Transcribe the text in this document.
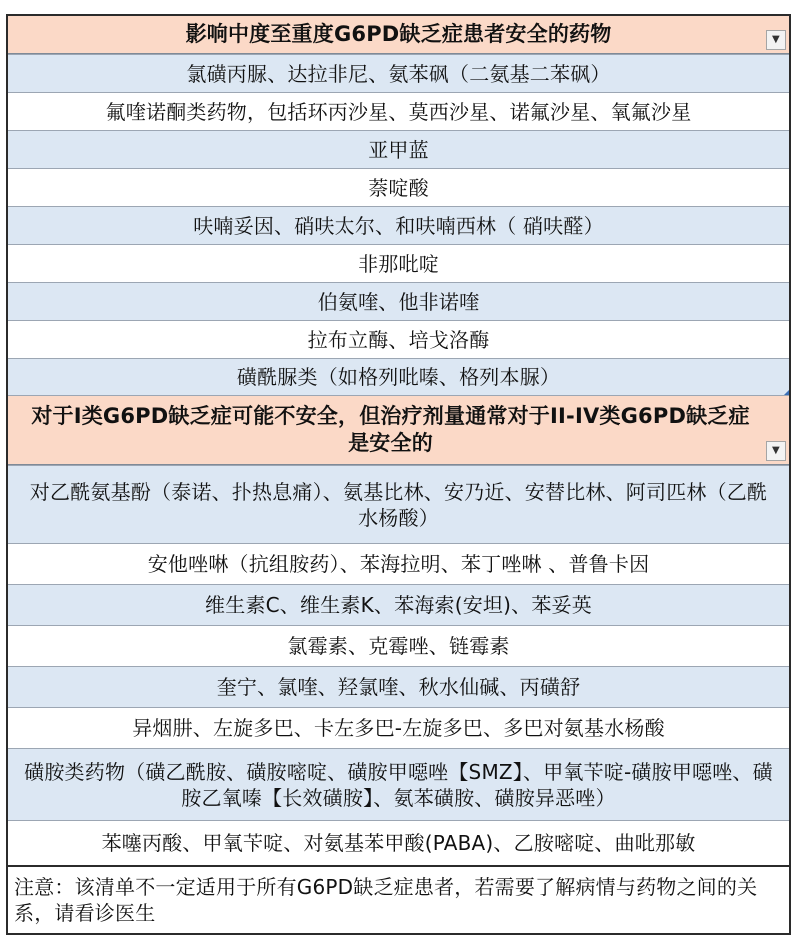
影响中度至重度G6PD缺乏症患者安全的药物	▼
氯磺丙脲、达拉非尼、氨苯砜（二氨基二苯砜）
氟喹诺酮类药物，包括环丙沙星、莫西沙星、诺氟沙星、氧氟沙星
亚甲蓝
萘啶酸
呋喃妥因、硝呋太尔、和呋喃西林（ 硝呋醛）
非那吡啶
伯氨喹、他非诺喹
拉布立酶、培戈洛酶
磺酰脲类（如格列吡嗪、格列本脲）
对于I类G6PD缺乏症可能不安全，但治疗剂量通常对于II-IV类G6PD缺乏症是安全的	▼
对乙酰氨基酚（泰诺、扑热息痛）、氨基比林、安乃近、安替比林、阿司匹林（乙酰水杨酸）
安他唑啉（抗组胺药）、苯海拉明、苯丁唑啉 、普鲁卡因
维生素C、维生素K、苯海索(安坦)、苯妥英
氯霉素、克霉唑、链霉素
奎宁、氯喹、羟氯喹、秋水仙碱、丙磺舒
异烟肼、左旋多巴、卡左多巴-左旋多巴、多巴对氨基水杨酸
磺胺类药物（磺乙酰胺、磺胺嘧啶、磺胺甲噁唑【SMZ】、甲氧苄啶-磺胺甲噁唑、磺胺乙氧嗪【长效磺胺】、氨苯磺胺、磺胺异恶唑）
苯噻丙酸、甲氧苄啶、对氨基苯甲酸(PABA)、乙胺嘧啶、曲吡那敏
注意：该清单不一定适用于所有G6PD缺乏症患者，若需要了解病情与药物之间的关系，请看诊医生
